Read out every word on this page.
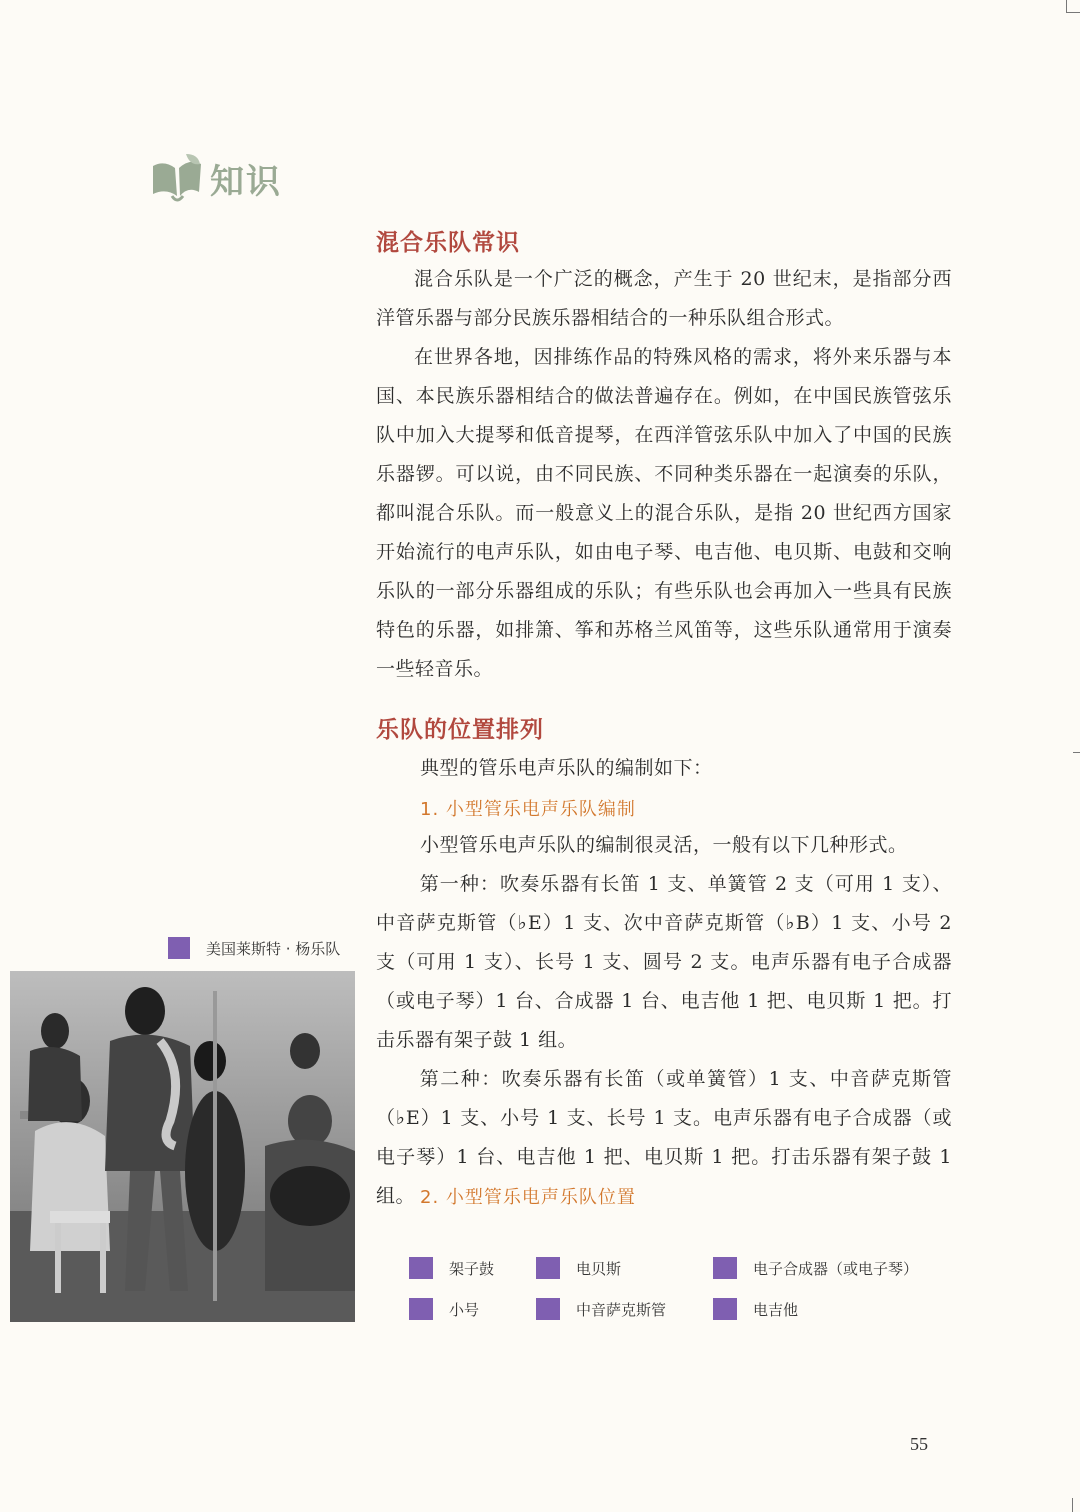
知识
混合乐队常识
混合乐队是一个广泛的概念，产生于 20 世纪末，是指部分西洋管乐器与部分民族乐器相结合的一种乐队组合形式。
在世界各地，因排练作品的特殊风格的需求，将外来乐器与本国、本民族乐器相结合的做法普遍存在。例如，在中国民族管弦乐队中加入大提琴和低音提琴，在西洋管弦乐队中加入了中国的民族乐器锣。可以说，由不同民族、不同种类乐器在一起演奏的乐队，都叫混合乐队。而一般意义上的混合乐队，是指 20 世纪西方国家开始流行的电声乐队，如由电子琴、电吉他、电贝斯、电鼓和交响乐队的一部分乐器组成的乐队；有些乐队也会再加入一些具有民族特色的乐器，如排箫、筝和苏格兰风笛等，这些乐队通常用于演奏一些轻音乐。
乐队的位置排列
典型的管乐电声乐队的编制如下：
1. 小型管乐电声乐队编制
小型管乐电声乐队的编制很灵活，一般有以下几种形式。
第一种：吹奏乐器有长笛 1 支、单簧管 2 支（可用 1 支）、中音萨克斯管（♭E）1 支、次中音萨克斯管（♭B）1 支、小号 2 支（可用 1 支）、长号 1 支、圆号 2 支。电声乐器有电子合成器（或电子琴）1 台、合成器 1 台、电吉他 1 把、电贝斯 1 把。打击乐器有架子鼓 1 组。
第二种：吹奏乐器有长笛（或单簧管）1 支、中音萨克斯管（♭E）1 支、小号 1 支、长号 1 支。电声乐器有电子合成器（或电子琴）1 台、电吉他 1 把、电贝斯 1 把。打击乐器有架子鼓 1 组。 2. 小型管乐电声乐队位置
美国莱斯特 · 杨乐队
架子鼓	电贝斯	电子合成器（或电子琴）
小号	中音萨克斯管	电吉他
55
